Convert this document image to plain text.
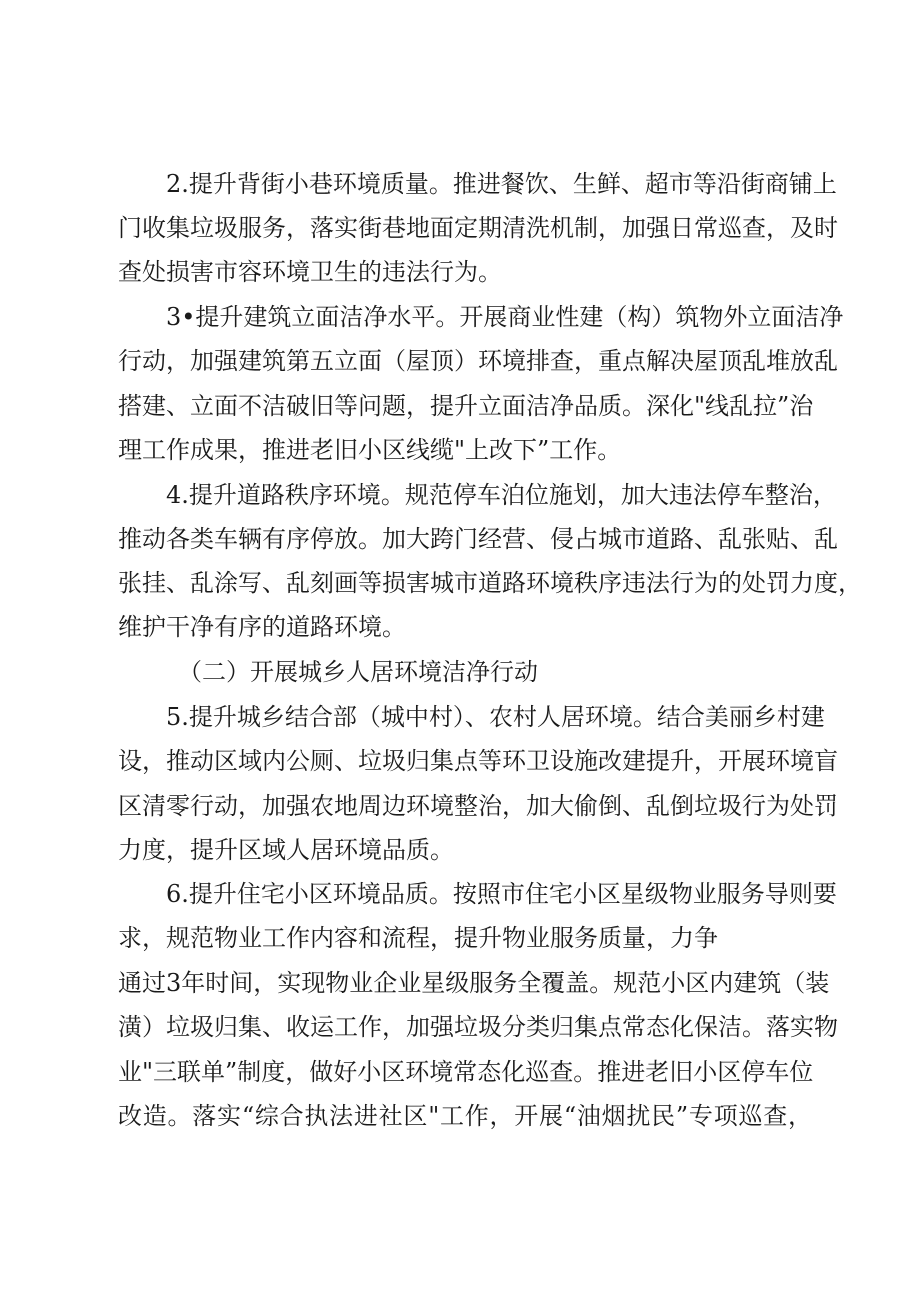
2.提升背街小巷环境质量。推进餐饮、生鲜、超市等沿街商铺上
门收集垃圾服务，落实街巷地面定期清洗机制，加强日常巡查，及时
查处损害市容环境卫生的违法行为。
3•提升建筑立面洁净水平。开展商业性建（构）筑物外立面洁净
行动，加强建筑第五立面（屋顶）环境排查，重点解决屋顶乱堆放乱
搭建、立面不洁破旧等问题，提升立面洁净品质。深化"线乱拉”治
理工作成果，推进老旧小区线缆"上改下”工作。
4.提升道路秩序环境。规范停车泊位施划，加大违法停车整治，
推动各类车辆有序停放。加大跨门经营、侵占城市道路、乱张贴、乱
张挂、乱涂写、乱刻画等损害城市道路环境秩序违法行为的处罚力度，
维护干净有序的道路环境。
（二）开展城乡人居环境洁净行动
5.提升城乡结合部（城中村）、农村人居环境。结合美丽乡村建
设，推动区域内公厕、垃圾归集点等环卫设施改建提升，开展环境盲
区清零行动，加强农地周边环境整治，加大偷倒、乱倒垃圾行为处罚
力度，提升区域人居环境品质。
6.提升住宅小区环境品质。按照市住宅小区星级物业服务导则要
求，规范物业工作内容和流程，提升物业服务质量，力争
通过3年时间，实现物业企业星级服务全覆盖。规范小区内建筑（装
潢）垃圾归集、收运工作，加强垃圾分类归集点常态化保洁。落实物
业"三联单”制度，做好小区环境常态化巡查。推进老旧小区停车位
改造。落实“综合执法进社区"工作，开展“油烟扰民”专项巡查，
